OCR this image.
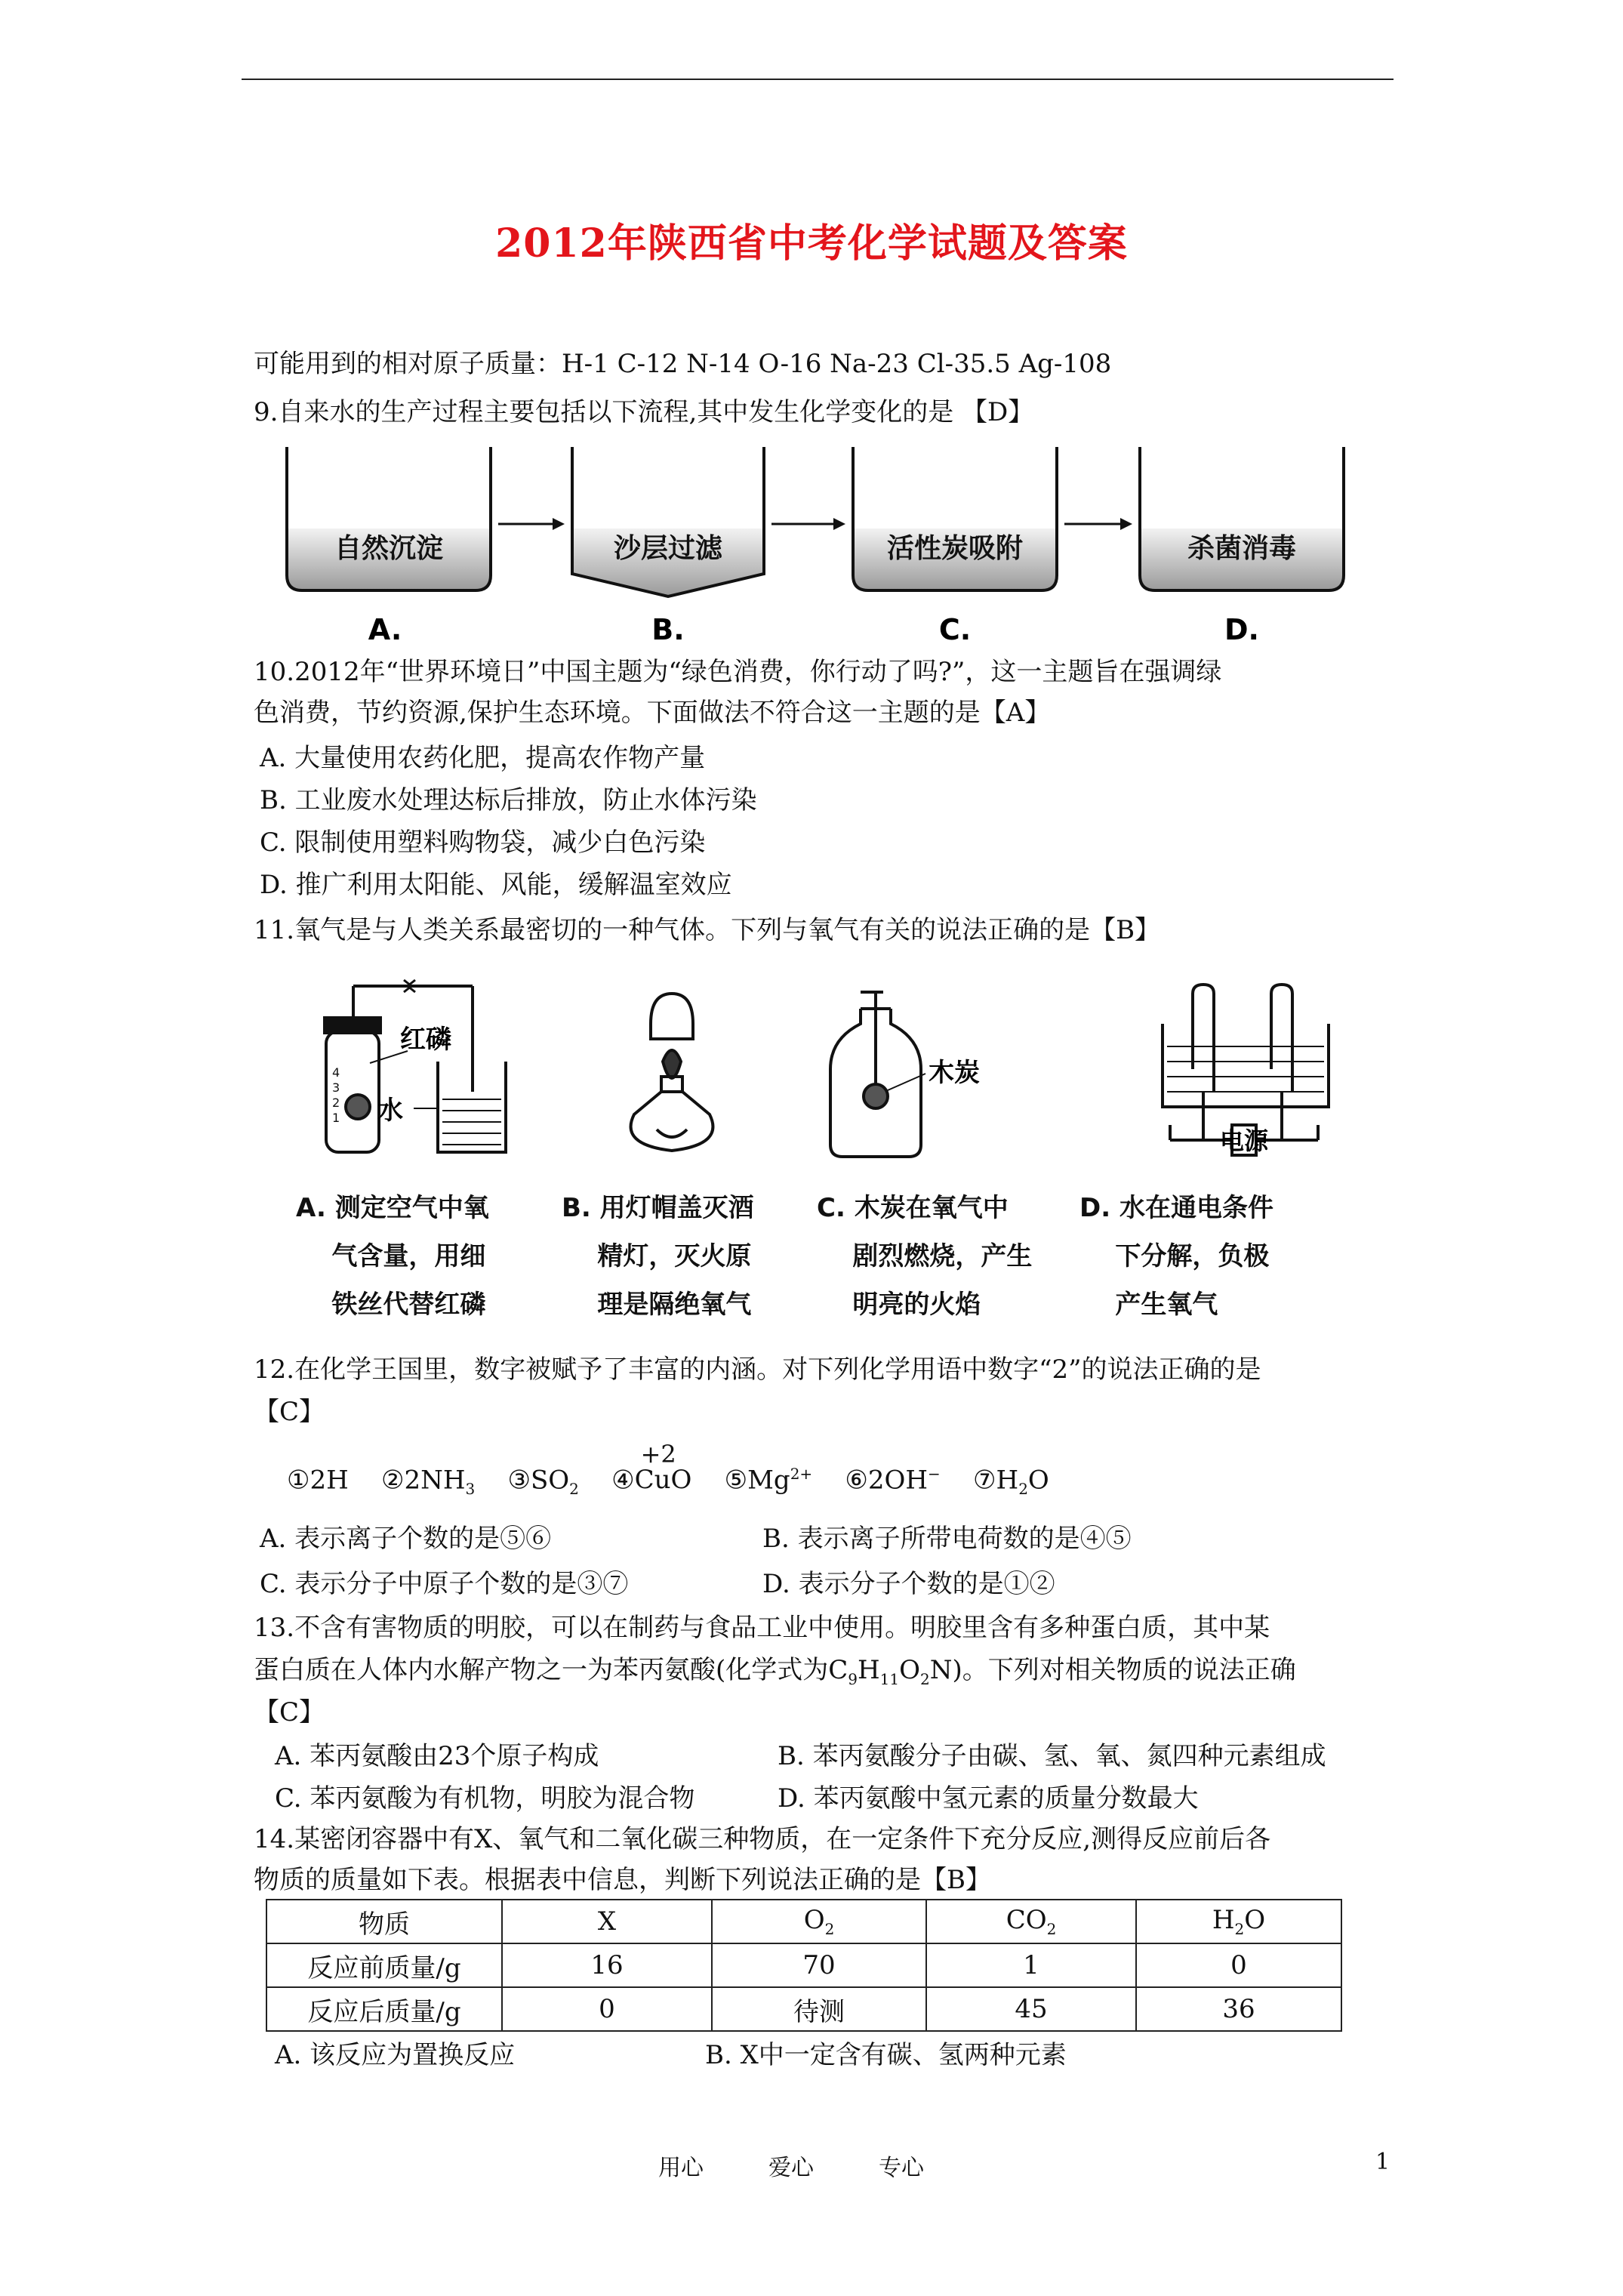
2012年陕西省中考化学试题及答案
可能用到的相对原子质量：H-1 C-12 N-14 O-16 Na-23 Cl-35.5 Ag-108
9.自来水的生产过程主要包括以下流程,其中发生化学变化的是 【D】
自然沉淀	沙层过滤	活性炭吸附	杀菌消毒
A.	B.	C.	D.
10.2012年“世界环境日”中国主题为“绿色消费，你行动了吗?”，这一主题旨在强调绿
色消费，节约资源,保护生态环境。下面做法不符合这一主题的是【A】
A. 大量使用农药化肥，提高农作物产量
B. 工业废水处理达标后排放，防止水体污染
C. 限制使用塑料购物袋，减少白色污染
D. 推广利用太阳能、风能，缓解温室效应
11.氧气是与人类关系最密切的一种气体。下列与氧气有关的说法正确的是【B】
红磷
水
4
3
2
1
木炭
电源
A. 测定空气中氧
气含量，用细
铁丝代替红磷
B. 用灯帽盖灭酒
精灯，灭火原
理是隔绝氧气
C. 木炭在氧气中
剧烈燃烧，产生
明亮的火焰
D. 水在通电条件
下分解，负极
产生氧气
12.在化学王国里，数字被赋予了丰富的内涵。对下列化学用语中数字“2”的说法正确的是
【C】
①2H $②2NH_3$ $③SO_2$ ④
+2
CuO $⑤Mg^{2+}$ ⑥2OH− $⑦H_2O$
A. 表示离子个数的是⑤⑥	B. 表示离子所带电荷数的是④⑤
C. 表示分子中原子个数的是③⑦	D. 表示分子个数的是①②
13.不含有害物质的明胶，可以在制药与食品工业中使用。明胶里含有多种蛋白质，其中某
蛋白质在人体内水解产物之一为苯丙氨酸(化学式为$C_9H_{11}O_2N$)。下列对相关物质的说法正确
【C】
A. 苯丙氨酸由23个原子构成	B. 苯丙氨酸分子由碳、氢、氧、氮四种元素组成
C. 苯丙氨酸为有机物，明胶为混合物	D. 苯丙氨酸中氢元素的质量分数最大
14.某密闭容器中有X、氧气和二氧化碳三种物质，在一定条件下充分反应,测得反应前后各
物质的质量如下表。根据表中信息，判断下列说法正确的是【B】
物质	X	$O_2$	$CO_2$	$H_2O$
反应前质量/g	16	70	1	0
反应后质量/g	0	待测	45	36
A. 该反应为置换反应	B. X中一定含有碳、氢两种元素
用心	爱心	专心	1
